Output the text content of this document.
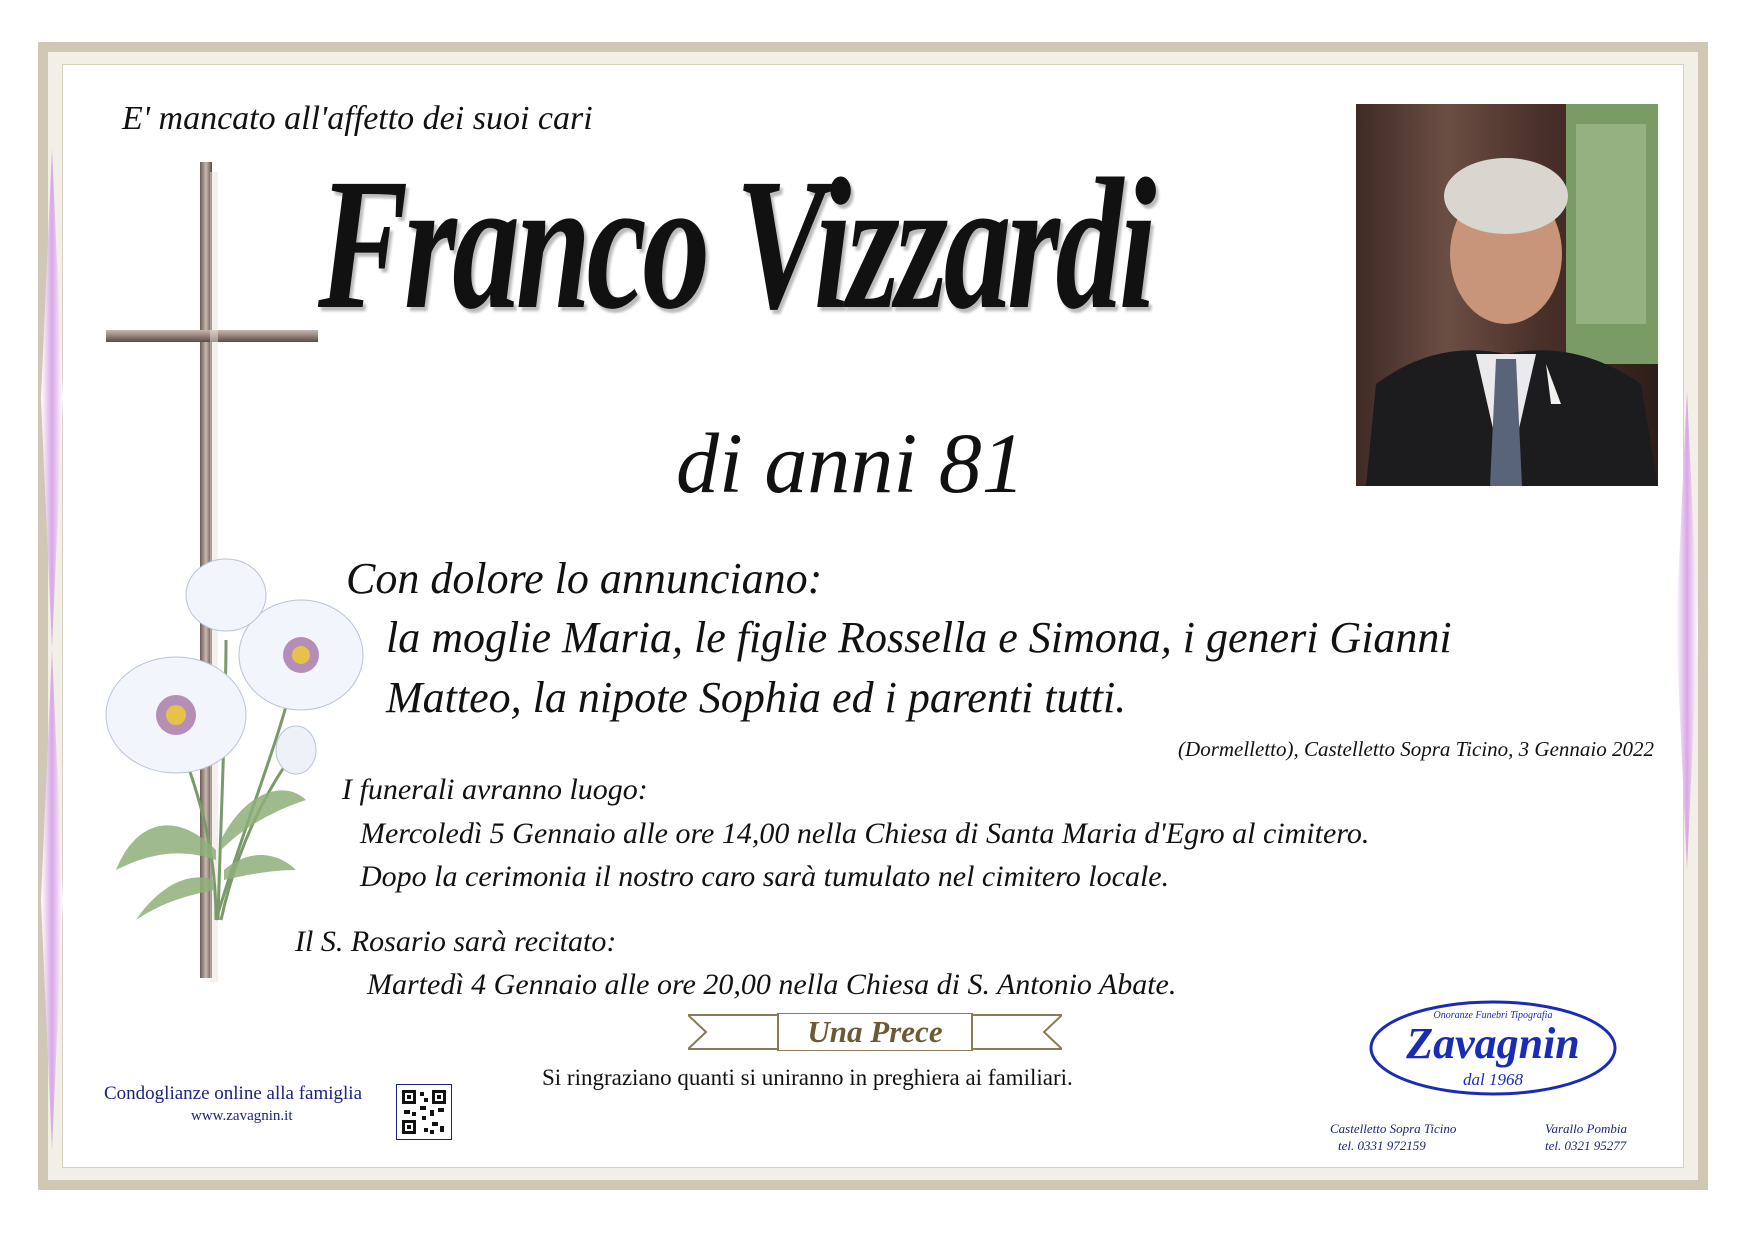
E' mancato all'affetto dei suoi cari
Franco Vizzardi
di anni 81
Con dolore lo annunciano:
la moglie Maria, le figlie Rossella e Simona, i generi Gianni
Matteo, la nipote Sophia ed i parenti tutti.
(Dormelletto), Castelletto Sopra Ticino, 3 Gennaio 2022
I funerali avranno luogo:
Mercoledì 5 Gennaio alle ore 14,00 nella Chiesa di Santa Maria d'Egro al cimitero.
Dopo la cerimonia il nostro caro sarà tumulato nel cimitero locale.
Il S. Rosario sarà recitato:
Martedì 4 Gennaio alle ore 20,00 nella Chiesa di S. Antonio Abate.
Una Prece
Si ringraziano quanti si uniranno in preghiera ai familiari.
Condoglianze online alla famiglia
www.zavagnin.it
Onoranze Funebri Tipografia
Zavagnin
dal 1968
Castelletto Sopra Ticino
tel. 0331 972159
Varallo Pombia
tel. 0321 95277
